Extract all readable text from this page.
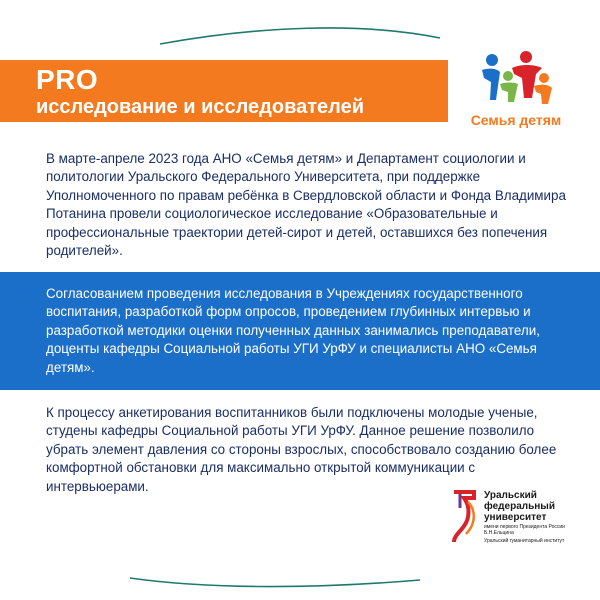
PRO
исследование и исследователей
Семья детям

В марте-апреле 2023 года АНО «Семья детям» и Департамент социологии и политологии Уральского Федерального Университета, при поддержке Уполномоченного по правам ребёнка в Свердловской области и Фонда Владимира Потанина провели социологическое исследование «Образовательные и профессиональные траектории детей-сирот и детей, оставшихся без попечения родителей».

Согласованием проведения исследования в Учреждениях государственного воспитания, разработкой форм опросов, проведением глубинных интервью и разработкой методики оценки полученных данных занимались преподаватели, доценты кафедры Социальной работы УГИ УрФУ и специалисты АНО «Семья детям».

К процессу анкетирования воспитанников были подключены молодые ученые, студены кафедры Социальной работы УГИ УрФУ. Данное решение позволило убрать элемент давления со стороны взрослых, способствовало созданию более комфортной обстановки для максимально открытой коммуникации с интервьюерами.

Уральский федеральный университет
имени первого Президента России Б.Н.Ельцина
Уральский гуманитарный институт
